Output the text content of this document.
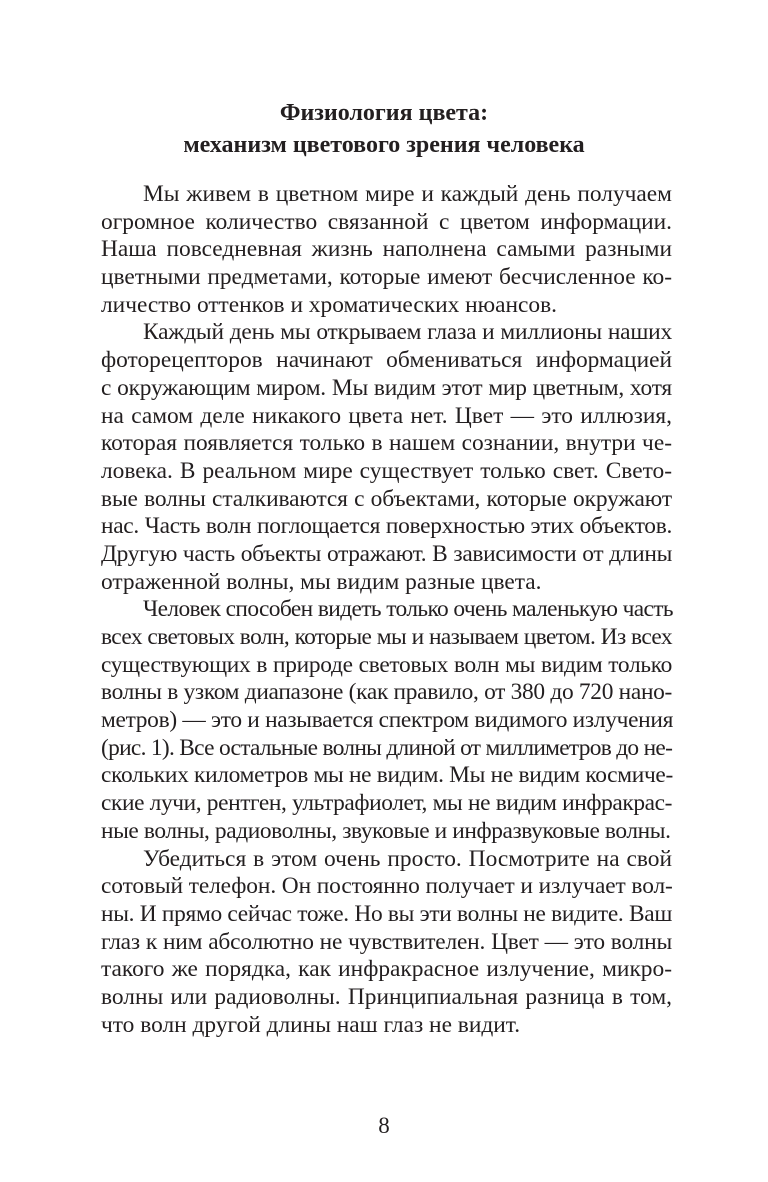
Физиология цвета:
механизм цветового зрения человека

Мы живем в цветном мире и каждый день получаем
огромное количество связанной с цветом информации.
Наша повседневная жизнь наполнена самыми разными
цветными предметами, которые имеют бесчисленное ко-
личество оттенков и хроматических нюансов.

Каждый день мы открываем глаза и миллионы наших
фоторецепторов начинают обмениваться информацией
с окружающим миром. Мы видим этот мир цветным, хотя
на самом деле никакого цвета нет. Цвет — это иллюзия,
которая появляется только в нашем сознании, внутри че-
ловека. В реальном мире существует только свет. Свето-
вые волны сталкиваются с объектами, которые окружают
нас. Часть волн поглощается поверхностью этих объектов.
Другую часть объекты отражают. В зависимости от длины
отраженной волны, мы видим разные цвета.

Человек способен видеть только очень маленькую часть
всех световых волн, которые мы и называем цветом. Из всех
существующих в природе световых волн мы видим только
волны в узком диапазоне (как правило, от 380 до 720 нано-
метров) — это и называется спектром видимого излучения
(рис. 1). Все остальные волны длиной от миллиметров до не-
скольких километров мы не видим. Мы не видим космиче-
ские лучи, рентген, ультрафиолет, мы не видим инфракрас-
ные волны, радиоволны, звуковые и инфразвуковые волны.

Убедиться в этом очень просто. Посмотрите на свой
сотовый телефон. Он постоянно получает и излучает вол-
ны. И прямо сейчас тоже. Но вы эти волны не видите. Ваш
глаз к ним абсолютно не чувствителен. Цвет — это волны
такого же порядка, как инфракрасное излучение, микро-
волны или радиоволны. Принципиальная разница в том,
что волн другой длины наш глаз не видит.

8
